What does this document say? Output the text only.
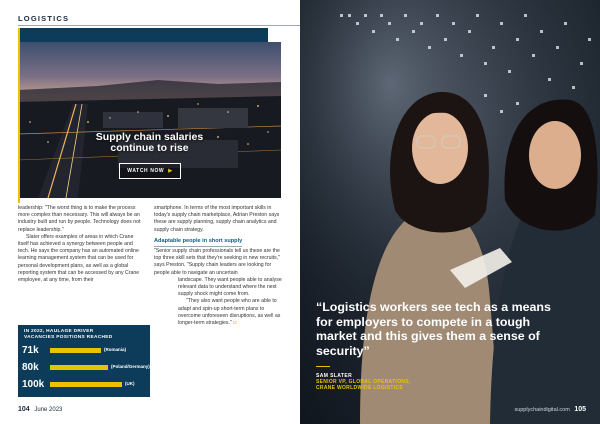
LOGISTICS
Supply chain salaries
continue to rise
WATCH NOW ▶

leadership: "The worst thing is to make the process more complex than necessary. This will always be an industry built and run by people. Technology does not replace leadership."

Slater offers examples of areas in which Crane itself has achieved a synergy between people and tech. He says the company has an automated online learning management system that can be used for personal development plans, as well as a global reporting system that can be accessed by any Crane employee, at any time, from their

smartphone. In terms of the most important skills in today's supply chain marketplace, Adrian Preston says these are supply planning, supply chain analytics and supply chain strategy.

Adaptable people in short supply

"Senior supply chain professionals tell us these are the top three skill sets that they're seeking in new recruits," says Preston. "Supply chain leaders are looking for people able to navigate an uncertain

landscape. They want people able to analyse relevant data to understand where the next supply shock might come from.

"They also want people who are able to adapt and spin-up short-term plans to overcome unforeseen disruptions, as well as longer-term strategies." ◘

IN 2022, HAULAGE DRIVER
VACANCIES POSITIONS REACHED
71k	(Romania)
80k	(Poland/Germany)
100k	(UK)
104 June 2023
“Logistics workers see tech as a means for employers to compete in a tough market and this gives them a sense of security”
SAM SLATER
SENIOR VP, GLOBAL OPERATIONS,
CRANE WORLDWIDE LOGISTICS
supplychaindigital.com 105
